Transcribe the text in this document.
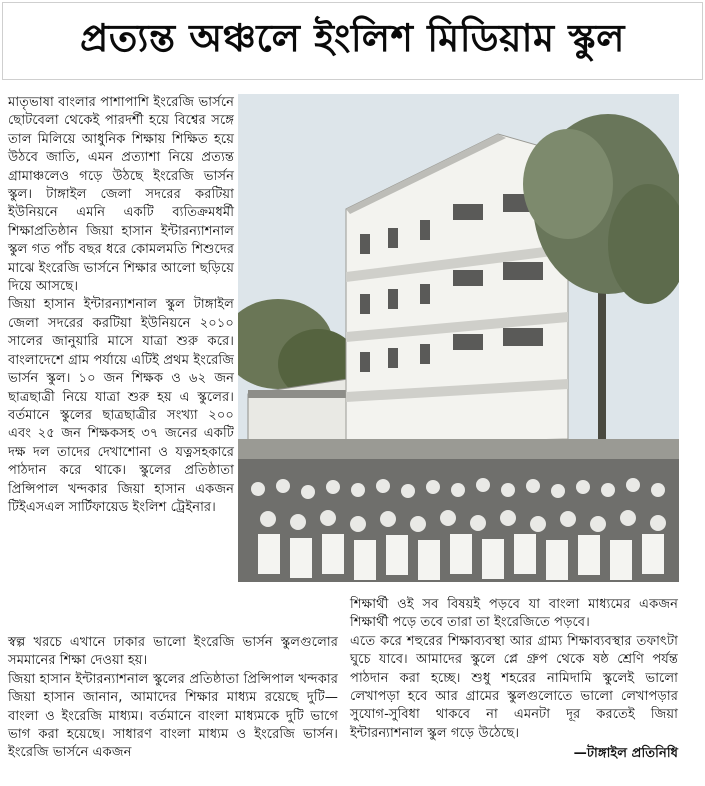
প্রত্যন্ত অঞ্চলে ইংলিশ মিডিয়াম স্কুল

মাতৃভাষা বাংলার পাশাপাশি ইংরেজি ভার্সনে ছোটবেলা থেকেই পারদর্শী হয়ে বিশ্বের সঙ্গে তাল মিলিয়ে আধুনিক শিক্ষায় শিক্ষিত হয়ে উঠবে জাতি, এমন প্রত্যাশা নিয়ে প্রত্যন্ত গ্রামাঞ্চলেও গড়ে উঠছে ইংরেজি ভার্সন স্কুল। টাঙ্গাইল জেলা সদরের করটিয়া ইউনিয়নে এমনি একটি ব্যতিক্রমধর্মী শিক্ষাপ্রতিষ্ঠান জিয়া হাসান ইন্টারন্যাশনাল স্কুল গত পাঁচ বছর ধরে কোমলমতি শিশুদের মাঝে ইংরেজি ভার্সনে শিক্ষার আলো ছড়িয়ে দিয়ে আসছে।

জিয়া হাসান ইন্টারন্যাশনাল স্কুল টাঙ্গাইল জেলা সদরের করটিয়া ইউনিয়নে ২০১০ সালের জানুয়ারি মাসে যাত্রা শুরু করে। বাংলাদেশে গ্রাম পর্যায়ে এটিই প্রথম ইংরেজি ভার্সন স্কুল। ১০ জন শিক্ষক ও ৬২ জন ছাত্রছাত্রী নিয়ে যাত্রা শুরু হয় এ স্কুলের। বর্তমানে স্কুলের ছাত্রছাত্রীর সংখ্যা ২০০ এবং ২৫ জন শিক্ষকসহ ৩৭ জনের একটি দক্ষ দল তাদের দেখাশোনা ও যত্নসহকারে পাঠদান করে থাকে। স্কুলের প্রতিষ্ঠাতা প্রিন্সিপাল খন্দকার জিয়া হাসান একজন টিইএসএল সার্টিফায়েড ইংলিশ ট্রেইনার।

স্বল্প খরচে এখানে ঢাকার ভালো ইংরেজি ভার্সন স্কুলগুলোর সমমানের শিক্ষা দেওয়া হয়।

জিয়া হাসান ইন্টারন্যাশনাল স্কুলের প্রতিষ্ঠাতা প্রিন্সিপাল খন্দকার জিয়া হাসান জানান, আমাদের শিক্ষার মাধ্যম রয়েছে দুটি— বাংলা ও ইংরেজি মাধ্যম। বর্তমানে বাংলা মাধ্যমকে দুটি ভাগে ভাগ করা হয়েছে। সাধারণ বাংলা মাধ্যম ও ইংরেজি ভার্সন। ইংরেজি ভার্সনে একজন

শিক্ষার্থী ওই সব বিষয়ই পড়বে যা বাংলা মাধ্যমের একজন শিক্ষার্থী পড়ে তবে তারা তা ইংরেজিতে পড়বে।

এতে করে শহুরের শিক্ষাব্যবস্থা আর গ্রাম্য শিক্ষাব্যবস্থার তফাৎটা ঘুচে যাবে। আমাদের স্কুলে প্লে গ্রুপ থেকে ষষ্ঠ শ্রেণি পর্যন্ত পাঠদান করা হচ্ছে। শুধু শহরের নামিদামি স্কুলেই ভালো লেখাপড়া হবে আর গ্রামের স্কুলগুলোতে ভালো লেখাপড়ার সুযোগ-সুবিধা থাকবে না এমনটা দূর করতেই জিয়া ইন্টারন্যাশনাল স্কুল গড়ে উঠেছে।

—টাঙ্গাইল প্রতিনিধি
